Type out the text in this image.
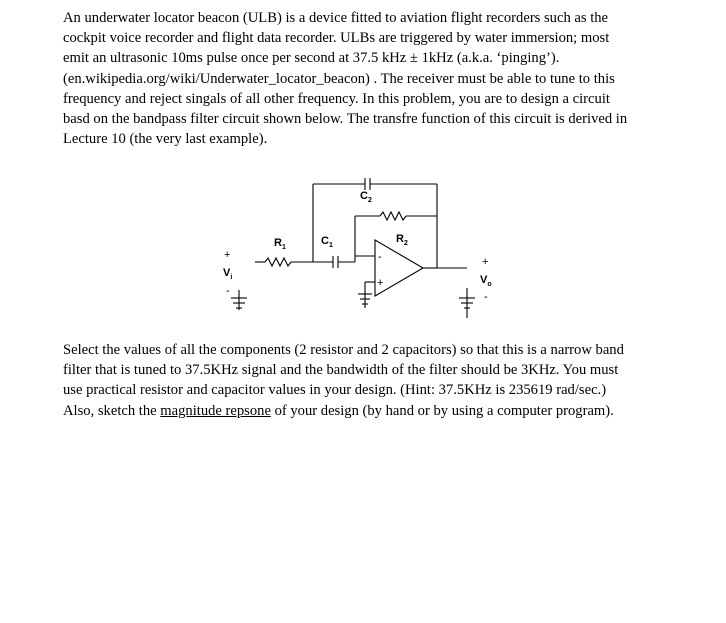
An underwater locator beacon (ULB) is a device fitted to aviation flight recorders such as the
cockpit voice recorder and flight data recorder. ULBs are triggered by water immersion; most
emit an ultrasonic 10ms pulse once per second at 37.5 kHz ± 1kHz (a.k.a. ‘pinging’).
(en.wikipedia.org/wiki/Underwater_locator_beacon) . The receiver must be able to tune to this
frequency and reject singals of all other frequency. In this problem, you are to design a circuit
basd on the bandpass filter circuit shown below. The transfre function of this circuit is derived in
Lecture 10 (the very last example).
$C_2$
$R_2$
$R_1$
$C_1$
+
$V_i$
-
+
$V_o$
-
-
+
Select the values of all the components (2 resistor and 2 capacitors) so that this is a narrow band
filter that is tuned to 37.5KHz signal and the bandwidth of the filter should be 3KHz. You must
use practical resistor and capacitor values in your design. (Hint: 37.5KHz is 235619 rad/sec.)
Also, sketch the magnitude repsone of your design (by hand or by using a computer program).
